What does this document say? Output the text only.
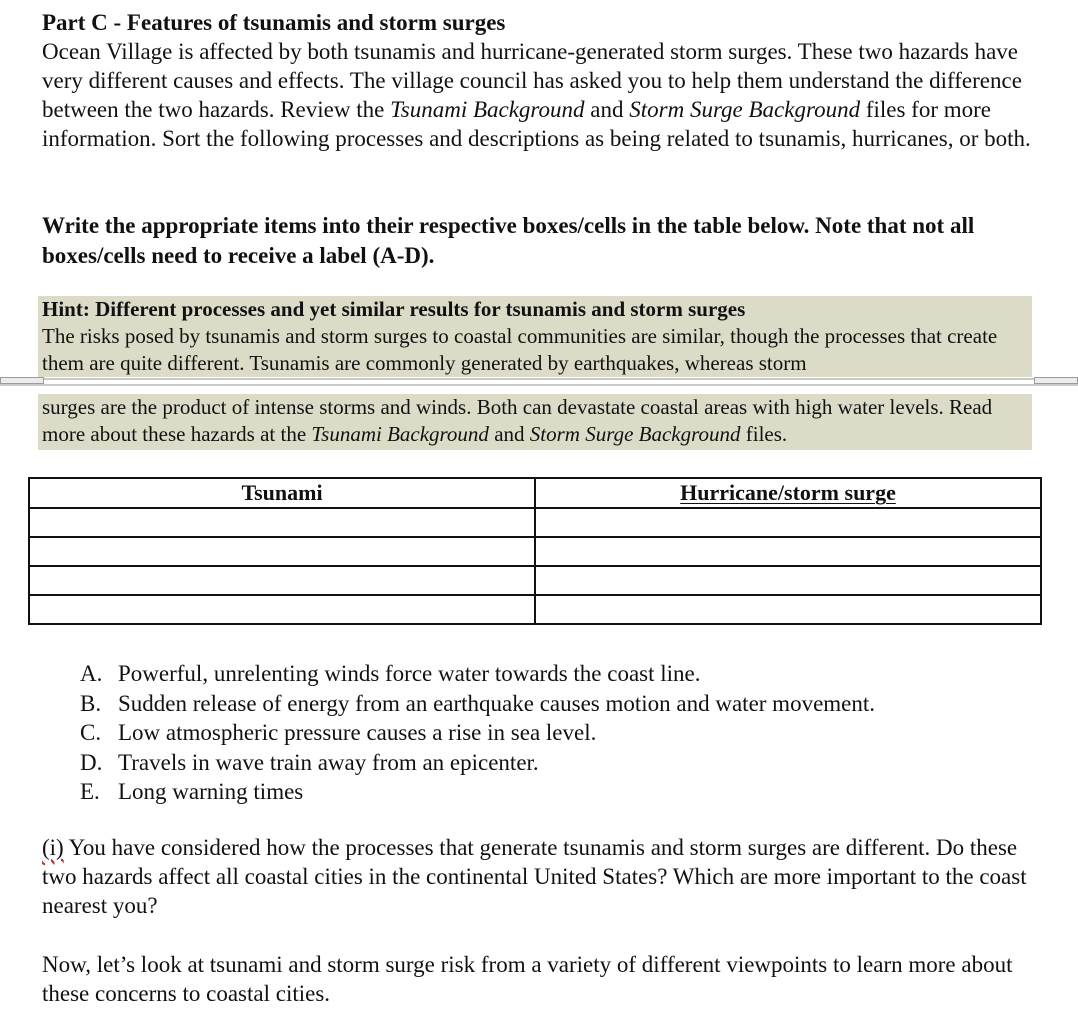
Part C - Features of tsunamis and storm surges
Ocean Village is affected by both tsunamis and hurricane-generated storm surges. These two hazards have very different causes and effects. The village council has asked you to help them understand the difference between the two hazards. Review the Tsunami Background and Storm Surge Background files for more information. Sort the following processes and descriptions as being related to tsunamis, hurricanes, or both.
Write the appropriate items into their respective boxes/cells in the table below. Note that not all boxes/cells need to receive a label (A-D).
Hint: Different processes and yet similar results for tsunamis and storm surges
The risks posed by tsunamis and storm surges to coastal communities are similar, though the processes that create them are quite different. Tsunamis are commonly generated by earthquakes, whereas storm
surges are the product of intense storms and winds. Both can devastate coastal areas with high water levels. Read more about these hazards at the Tsunami Background and Storm Surge Background files.
Tsunami	Hurricane/storm surge

A. Powerful, unrelenting winds force water towards the coast line.
B. Sudden release of energy from an earthquake causes motion and water movement.
C. Low atmospheric pressure causes a rise in sea level.
D. Travels in wave train away from an epicenter.
E. Long warning times
(i) You have considered how the processes that generate tsunamis and storm surges are different. Do these two hazards affect all coastal cities in the continental United States? Which are more important to the coast nearest you?
Now, let’s look at tsunami and storm surge risk from a variety of different viewpoints to learn more about these concerns to coastal cities.
